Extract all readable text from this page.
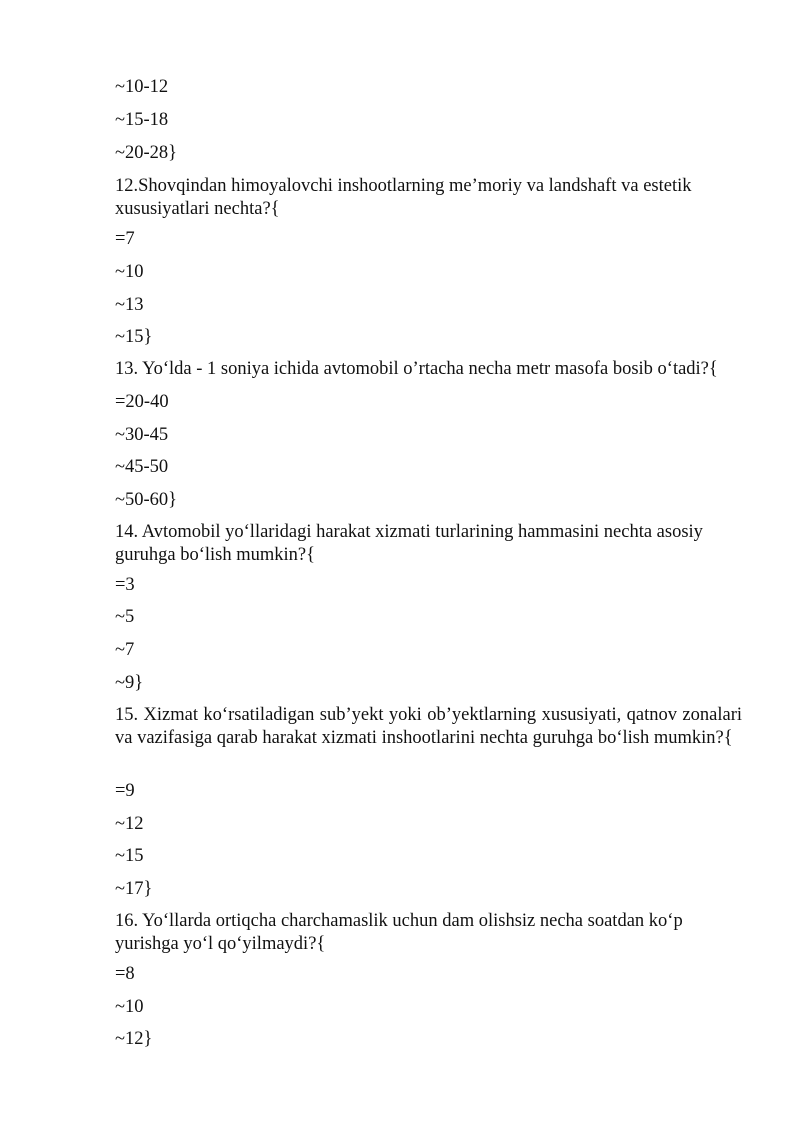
~10-12
~15-18
~20-28}
12.Shovqindan himoyalovchi inshootlarning me’moriy va landshaft va estetik xususiyatlari nechta?{
=7
~10
~13
~15}
13. Yo‘lda - 1 soniya ichida avtomobil o’rtacha necha metr masofa bosib o‘tadi?{
=20-40
~30-45
~45-50
~50-60}
14. Avtomobil yo‘llaridagi harakat xizmati turlarining hammasini nechta asosiy guruhga bo‘lish mumkin?{
=3
~5
~7
~9}
15. Xizmat ko‘rsatiladigan sub’yekt yoki ob’yektlarning xususiyati, qatnov zonalari va vazifasiga qarab harakat xizmati inshootlarini nechta guruhga bo‘lish mumkin?{
=9
~12
~15
~17}
16. Yo‘llarda ortiqcha charchamaslik uchun dam olishsiz necha soatdan ko‘p yurishga yo‘l qo‘yilmaydi?{
=8
~10
~12}
